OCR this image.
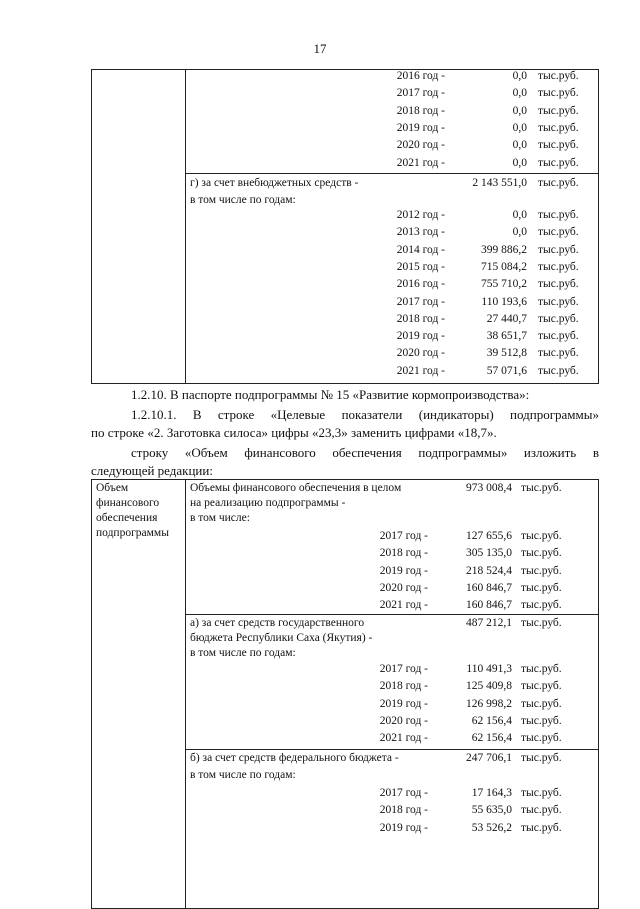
17
2016 год -	0,0 тыс.руб.
2017 год -	0,0 тыс.руб.
2018 год -	0,0 тыс.руб.
2019 год -	0,0 тыс.руб.
2020 год -	0,0 тыс.руб.
2021 год -	0,0 тыс.руб.
г) за счет внебюджетных средств -	2 143 551,0 тыс.руб.
в том числе по годам:
2012 год -	0,0 тыс.руб.
2013 год -	0,0 тыс.руб.
2014 год -	399 886,2 тыс.руб.
2015 год -	715 084,2 тыс.руб.
2016 год -	755 710,2 тыс.руб.
2017 год -	110 193,6 тыс.руб.
2018 год -	27 440,7 тыс.руб.
2019 год -	38 651,7 тыс.руб.
2020 год -	39 512,8 тыс.руб.
2021 год -	57 071,6 тыс.руб.
1.2.10. В паспорте подпрограммы № 15 «Развитие кормопроизводства»:
1.2.10.1. В строке «Целевые показатели (индикаторы) подпрограммы»
по строке «2. Заготовка силоса» цифры «23,3» заменить цифрами «18,7».
строку «Объем финансового обеспечения подпрограммы» изложить в
следующей редакции:
Объем
финансового
обеспечения
подпрограммы
Объемы финансового обеспечения в целом	973 008,4 тыс.руб.
на реализацию подпрограммы -
в том числе:
2017 год -	127 655,6 тыс.руб.
2018 год -	305 135,0 тыс.руб.
2019 год -	218 524,4 тыс.руб.
2020 год -	160 846,7 тыс.руб.
2021 год -	160 846,7 тыс.руб.
а) за счет средств государственного	487 212,1 тыс.руб.
бюджета Республики Саха (Якутия) -
в том числе по годам:
2017 год -	110 491,3 тыс.руб.
2018 год -	125 409,8 тыс.руб.
2019 год -	126 998,2 тыс.руб.
2020 год -	62 156,4 тыс.руб.
2021 год -	62 156,4 тыс.руб.
б) за счет средств федерального бюджета -	247 706,1 тыс.руб.
в том числе по годам:
2017 год -	17 164,3 тыс.руб.
2018 год -	55 635,0 тыс.руб.
2019 год -	53 526,2 тыс.руб.
